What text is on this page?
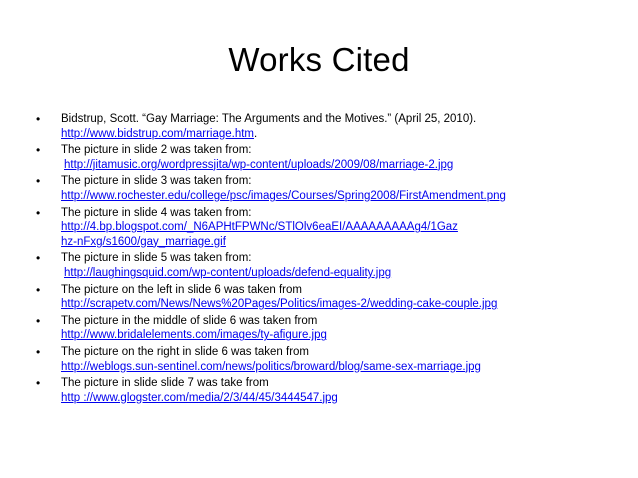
Works Cited
• Bidstrup, Scott. “Gay Marriage: The Arguments and the Motives.” (April 25, 2010).
http://www.bidstrup.com/marriage.htm.
• The picture in slide 2 was taken from:
http://jitamusic.org/wordpressjita/wp-content/uploads/2009/08/marriage-2.jpg
• The picture in slide 3 was taken from:
http://www.rochester.edu/college/psc/images/Courses/Spring2008/FirstAmendment.png
• The picture in slide 4 was taken from:
http://4.bp.blogspot.com/_N6APHtFPWNc/STlOlv6eaEI/AAAAAAAAAg4/1Gazhz-nFxg/s1600/gay_marriage.gif
• The picture in slide 5 was taken from:
http://laughingsquid.com/wp-content/uploads/defend-equality.jpg
• The picture on the left in slide 6 was taken from
http://scrapetv.com/News/News%20Pages/Politics/images-2/wedding-cake-couple.jpg
• The picture in the middle of slide 6 was taken from
http://www.bridalelements.com/images/ty-afigure.jpg
• The picture on the right in slide 6 was taken from
http://weblogs.sun-sentinel.com/news/politics/broward/blog/same-sex-marriage.jpg
• The picture in slide slide 7 was take from
http ://www.glogster.com/media/2/3/44/45/3444547.jpg
